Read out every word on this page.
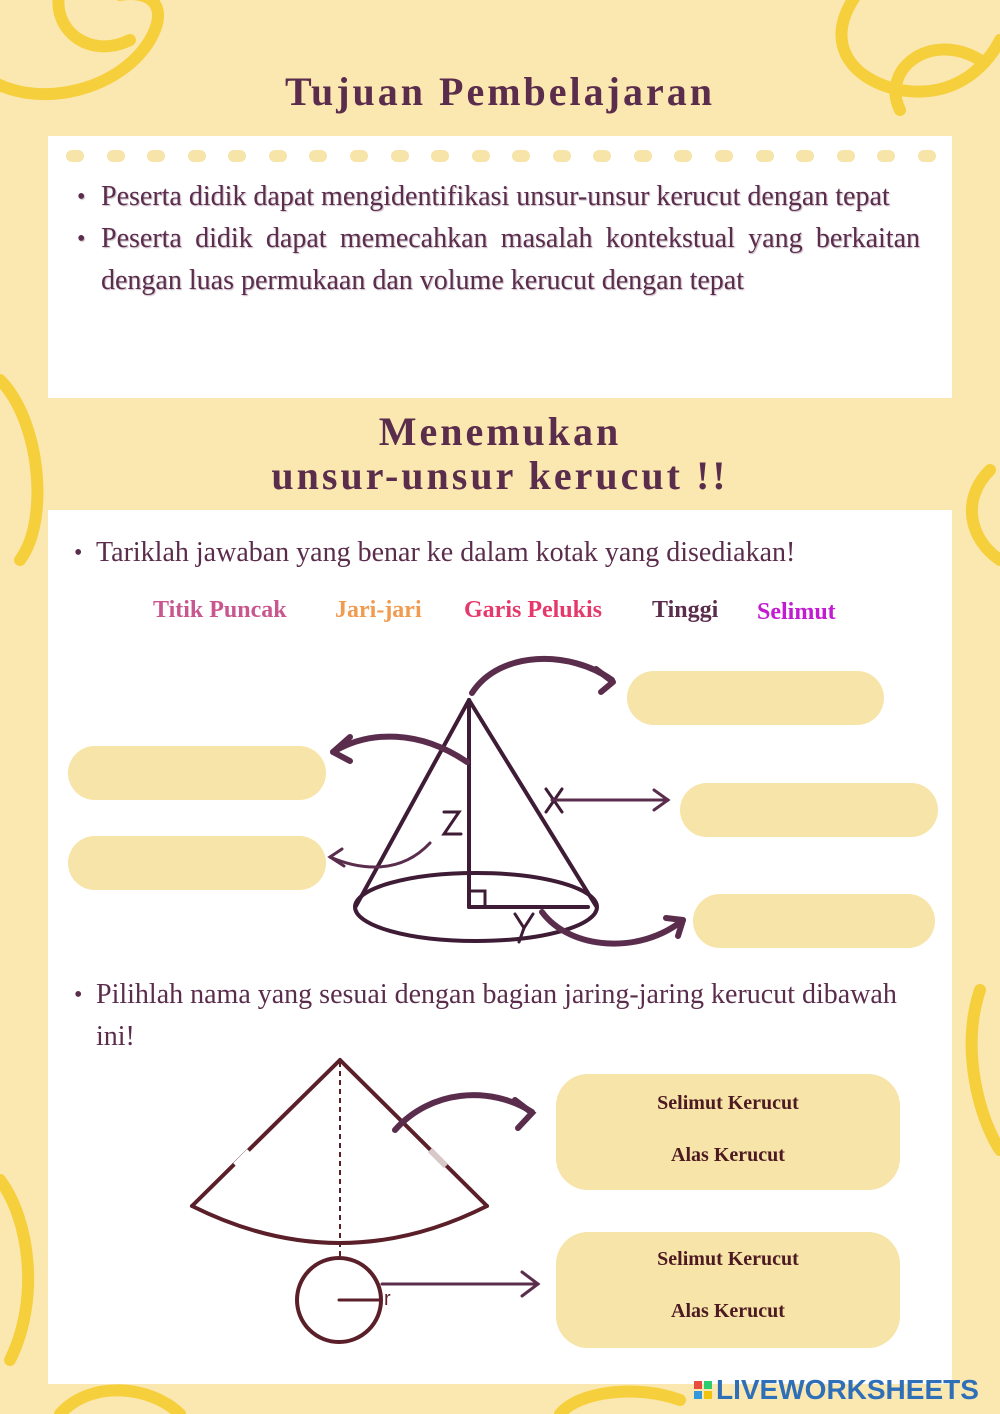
Tujuan Pembelajaran
• Peserta didik dapat mengidentifikasi unsur-unsur kerucut dengan tepat
• Peserta didik dapat memecahkan masalah kontekstual yang berkaitan dengan luas permukaan dan volume kerucut dengan tepat
Menemukan
unsur-unsur kerucut !!
• Tariklah jawaban yang benar ke dalam kotak yang disediakan!
Titik Puncak Jari-jari Garis Pelukis Tinggi Selimut
• Pilihlah nama yang sesuai dengan bagian jaring-jaring kerucut dibawah ini!
Selimut Kerucut
Alas Kerucut
Selimut Kerucut
Alas Kerucut
r
LIVEWORKSHEETS
